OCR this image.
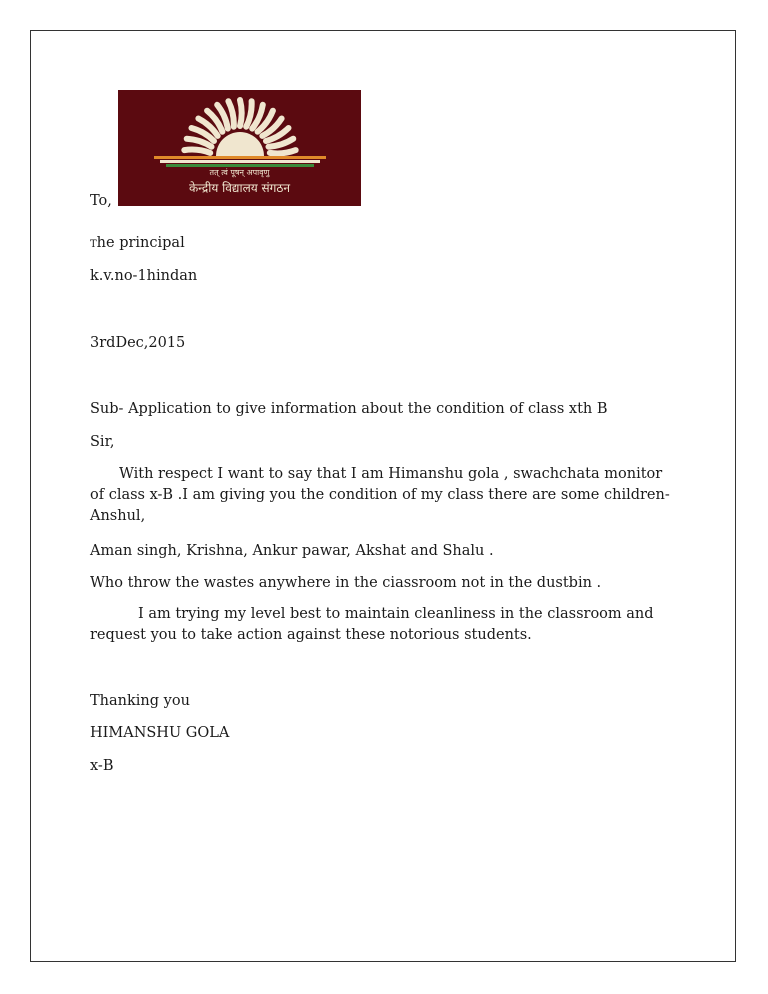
तत् त्वं पूषन् अपावृणु
केन्द्रीय विद्यालय संगठन
To,
The principal
k.v.no-1hindan
3rdDec,2015
Sub- Application to give information about the condition of class xth B
Sir,
With respect I want to say that I am Himanshu gola , swachchata monitor of class x-B .I am giving you the condition of my class there are some children-Anshul,
Aman singh, Krishna, Ankur pawar, Akshat and Shalu .
Who throw the wastes anywhere in the ciassroom not in the dustbin .
I am trying my level best to maintain cleanliness in the classroom and request you to take action against these notorious students.
Thanking you
HIMANSHU GOLA
x-B
